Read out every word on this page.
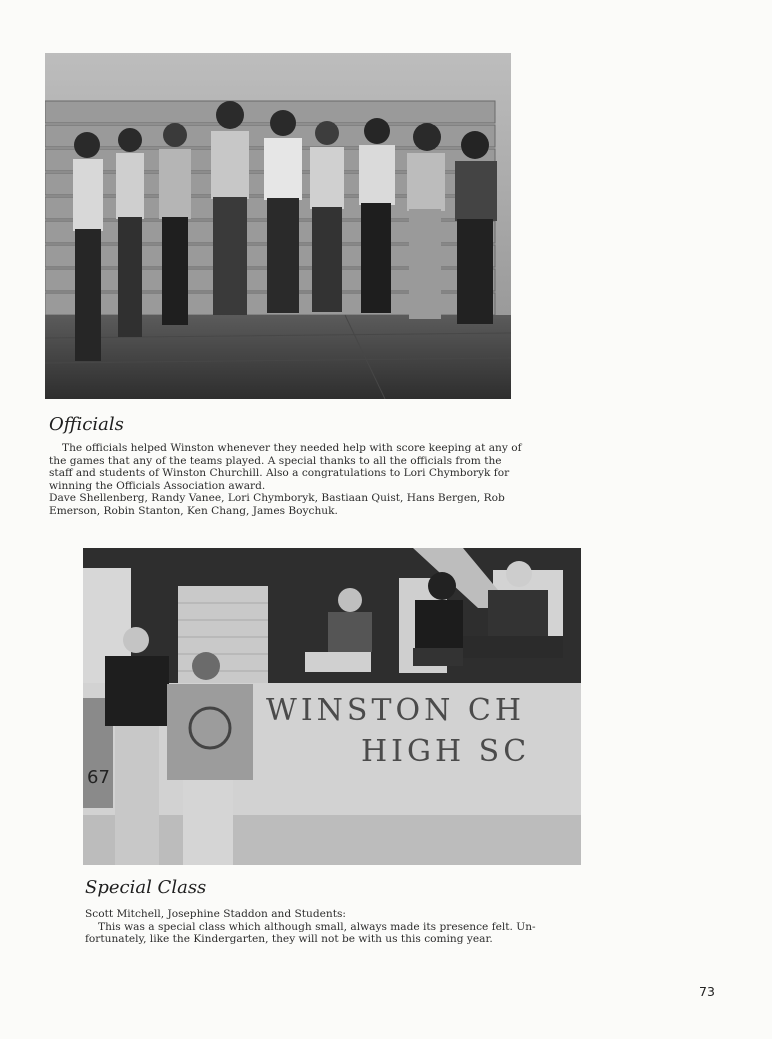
Officials
The officials helped Winston whenever they needed help with score keeping at any of
the games that any of the teams played. A special thanks to all the officials from the
staff and students of Winston Churchill. Also a congratulations to Lori Chymboryk for
winning the Officials Association award.
Dave Shellenberg, Randy Vanee, Lori Chymboryk, Bastiaan Quist, Hans Bergen, Rob
Emerson, Robin Stanton, Ken Chang, James Boychuk.
67
WINSTON CH
HIGH SC
Special Class
Scott Mitchell, Josephine Staddon and Students:
This was a special class which although small, always made its presence felt. Un-
fortunately, like the Kindergarten, they will not be with us this coming year.
73
